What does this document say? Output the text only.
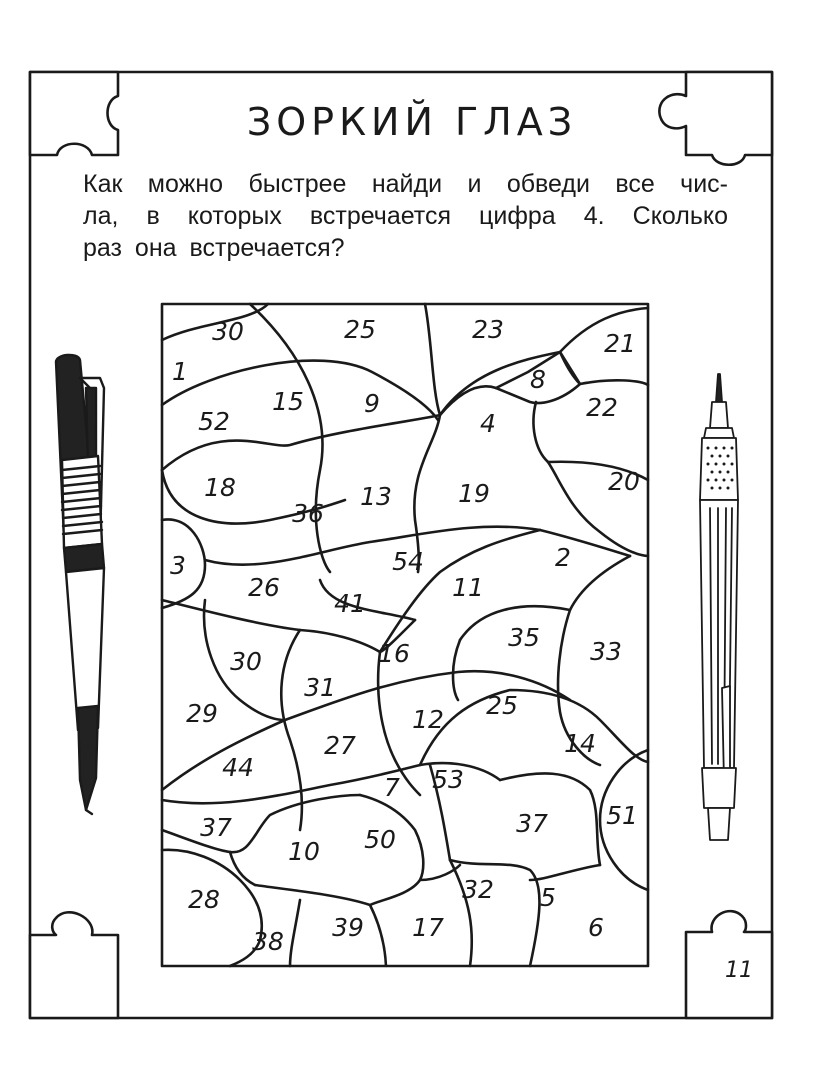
ЗОРКИЙ ГЛАЗ

Как можно быстрее найди и обведи все чис-
ла, в которых встречается цифра 4. Сколько
раз она встречается?

30	25	23	21
1	8
52
15 9
4
22
18
36
13	19	20
3	54	2
26
41
11
35
30	16	33
31
29	12 25
27	14
44
7 53
51
37	37
10 50
28	32 5
38 39 17	6
11
